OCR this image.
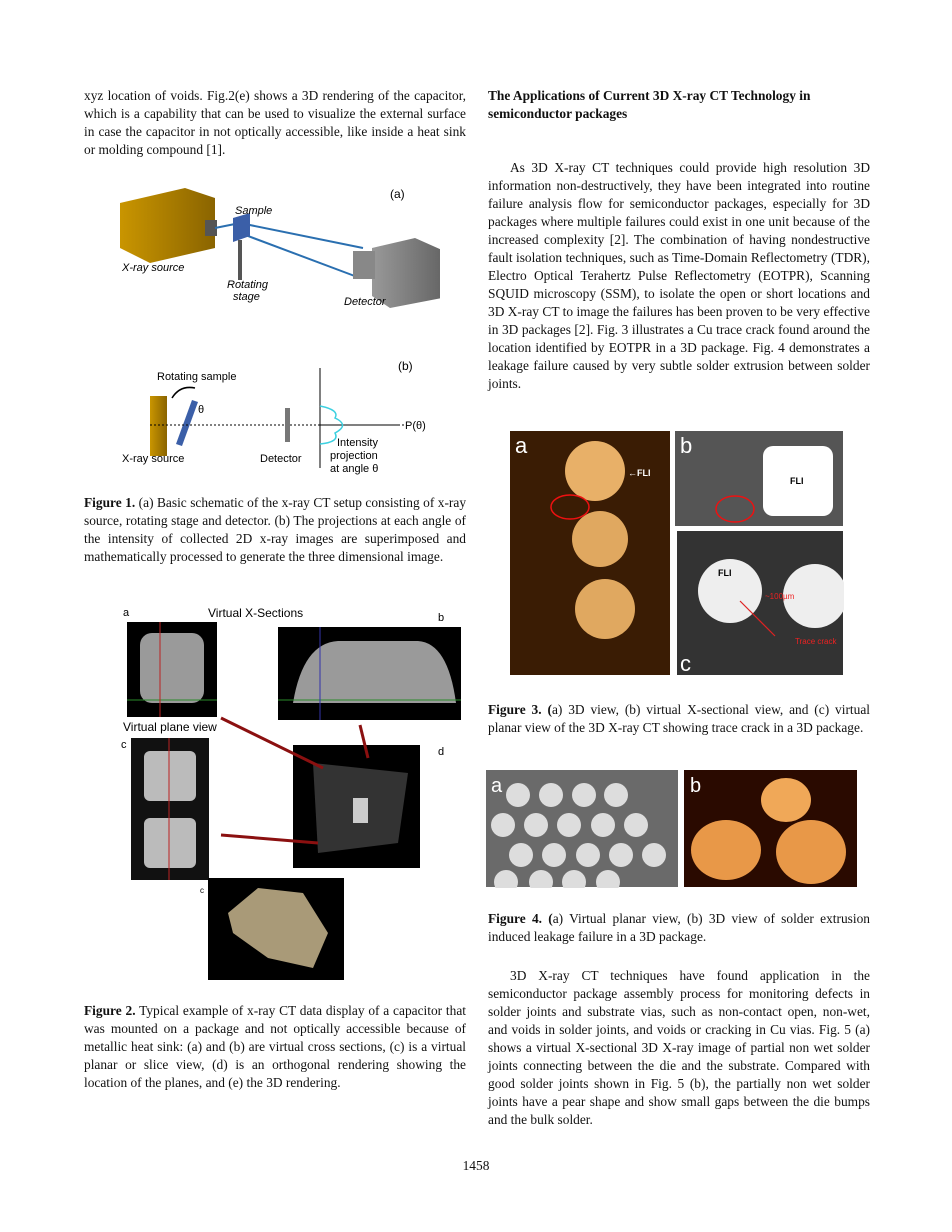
xyz location of voids. Fig.2(e) shows a 3D rendering of the capacitor, which is a capability that can be used to visualize the external surface in case the capacitor in not optically accessible, like inside a heat sink or molding compound [1].
(a)
Sample
X-ray source
Rotating
stage	Detector
(b)
Rotating sample
θ
P(θ)
X-ray source	Detector
Intensity
projection
at angle θ
Figure 1. (a) Basic schematic of the x-ray CT setup consisting of x-ray source, rotating stage and detector. (b) The projections at each angle of the intensity of collected 2D x-ray images are superimposed and mathematically processed to generate the three dimensional image.
a	Virtual X-Sections	b
Virtual plane view
c
d
c
Figure 2. Typical example of x-ray CT data display of a capacitor that was mounted on a package and not optically accessible because of metallic heat sink: (a) and (b) are virtual cross sections, (c) is a virtual planar or slice view, (d) is an orthogonal rendering showing the location of the planes, and (e) the 3D rendering.
The Applications of Current 3D X-ray CT Technology in semiconductor packages
As 3D X-ray CT techniques could provide high resolution 3D information non-destructively, they have been integrated into routine failure analysis flow for semiconductor packages, especially for 3D packages where multiple failures could exist in one unit because of the increased complexity [2]. The combination of having nondestructive fault isolation techniques, such as Time-Domain Reflectometry (TDR), Electro Optical Terahertz Pulse Reflectometry (EOTPR), Scanning SQUID microscopy (SSM), to isolate the open or short locations and 3D X-ray CT to image the failures has been proven to be very effective in 3D packages [2]. Fig. 3 illustrates a Cu trace crack found around the location identified by EOTPR in a 3D package. Fig. 4 demonstrates a leakage failure caused by very subtle solder extrusion between solder joints.
a
←FLI
b
FLI
c
FLI
~100µm
Trace crack
Figure 3. (a) 3D view, (b) virtual X-sectional view, and (c) virtual planar view of the 3D X-ray CT showing trace crack in a 3D package.
a	b
Figure 4. (a) Virtual planar view, (b) 3D view of solder extrusion induced leakage failure in a 3D package.
3D X-ray CT techniques have found application in the semiconductor package assembly process for monitoring defects in solder joints and substrate vias, such as non-contact open, non-wet, and voids in solder joints, and voids or cracking in Cu vias. Fig. 5 (a) shows a virtual X-sectional 3D X-ray image of partial non wet solder joints connecting between the die and the substrate. Compared with good solder joints shown in Fig. 5 (b), the partially non wet solder joints have a pear shape and show small gaps between the die bumps and the bulk solder.
1458
